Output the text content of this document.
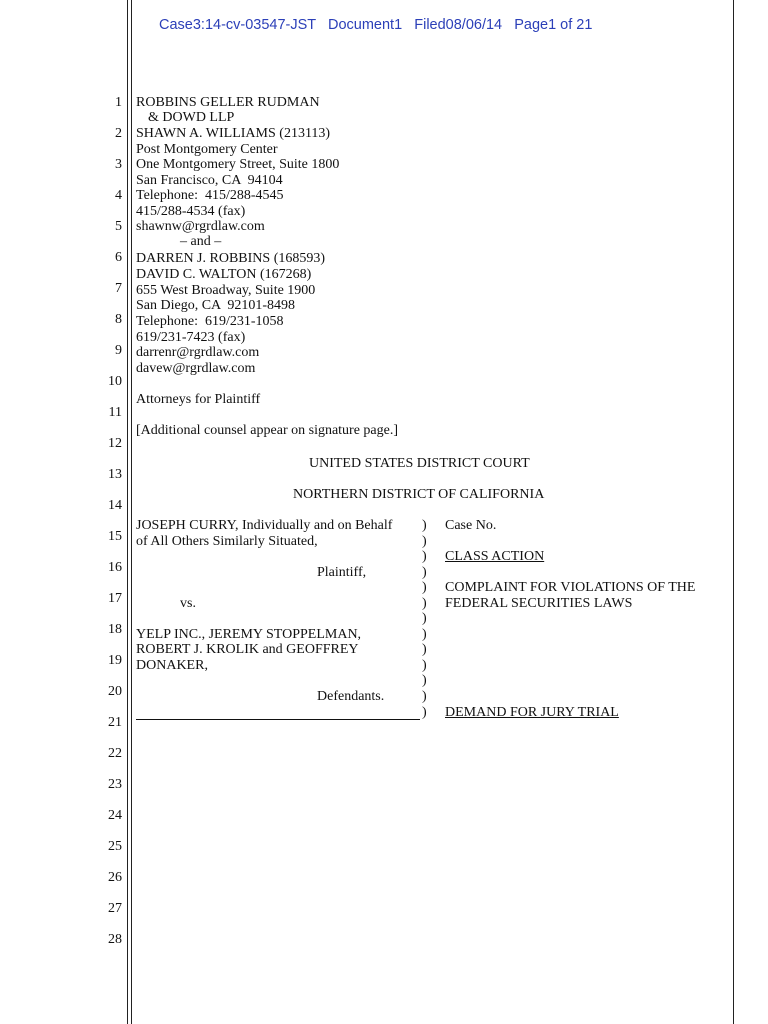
Case3:14-cv-03547-JST Document1 Filed08/06/14 Page1 of 21
1
2
3
4
5
6
7
8
9
10
11
12
13
14
15
16
17
18
19
20
21
22
23
24
25
26
27
28
ROBBINS GELLER RUDMAN
& DOWD LLP
SHAWN A. WILLIAMS (213113)
Post Montgomery Center
One Montgomery Street, Suite 1800
San Francisco, CA  94104
Telephone:  415/288-4545
415/288-4534 (fax)
shawnw@rgrdlaw.com
– and –
DARREN J. ROBBINS (168593)
DAVID C. WALTON (167268)
655 West Broadway, Suite 1900
San Diego, CA  92101-8498
Telephone:  619/231-1058
619/231-7423 (fax)
darrenr@rgrdlaw.com
davew@rgrdlaw.com
Attorneys for Plaintiff
[Additional counsel appear on signature page.]
UNITED STATES DISTRICT COURT
NORTHERN DISTRICT OF CALIFORNIA
JOSEPH CURRY, Individually and on Behalf
of All Others Similarly Situated,
Plaintiff,
vs.
YELP INC., JEREMY STOPPELMAN,
ROBERT J. KROLIK and GEOFFREY
DONAKER,
Defendants.
)
)
)
)
)
)
)
)
)
)
)
)
)
Case No.
CLASS ACTION
COMPLAINT FOR VIOLATIONS OF THE
FEDERAL SECURITIES LAWS
DEMAND FOR JURY TRIAL
